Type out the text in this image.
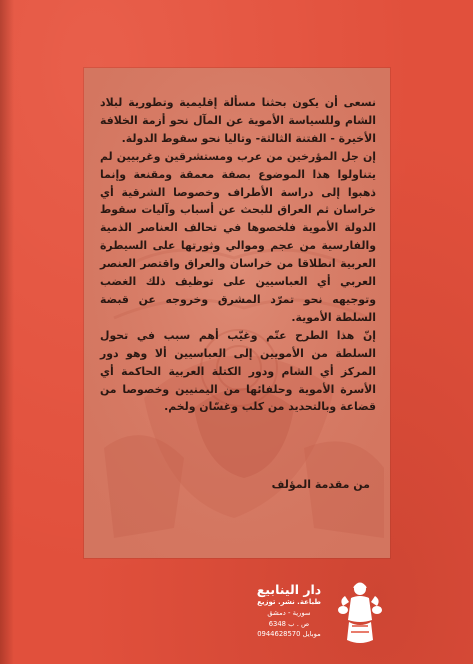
نسعى أن يكون بحثنا مسألة إقليمية وتطورية لبلاد الشام وللسياسة الأموية عن المآل نحو أزمة الخلافة الأخيرة - الفتنة الثالثة- وتاليا نحو سقوط الدولة.

إن جل المؤرخين من عرب ومستشرقين وغربيين لم يتناولوا هذا الموضوع بصفة معمقة ومقنعة وإنما ذهبوا إلى دراسة الأطراف وخصوصا الشرقية أي خراسان ثم العراق للبحث عن أسباب وآليات سقوط الدولة الأموية فلخصوها في تحالف العناصر الذمية والفارسية من عجم وموالي وثورتها على السيطرة العربية انطلاقا من خراسان والعراق واقتصر العنصر العربي أي العباسيين على توظيف ذلك الغضب وتوجيهه نحو تمرّد المشرق وخروجه عن قبضة السلطة الأموية.

إنّ هذا الطرح عتّم وغيّب أهم سبب في تحول السلطة من الأمويين إلى العباسيين ألا وهو دور المركز أي الشام ودور الكتلة العربية الحاكمة أي الأسرة الأموية وحلفائها من اليمنيين وخصوصا من قضاعة وبالتحديد من كلب وغسّان ولخم.

من مقدمة المؤلف
دار الينابيع
طباعة. نشر. توزيع
سورية - دمشق
ص . ب 6348
موبايل 0944628570
